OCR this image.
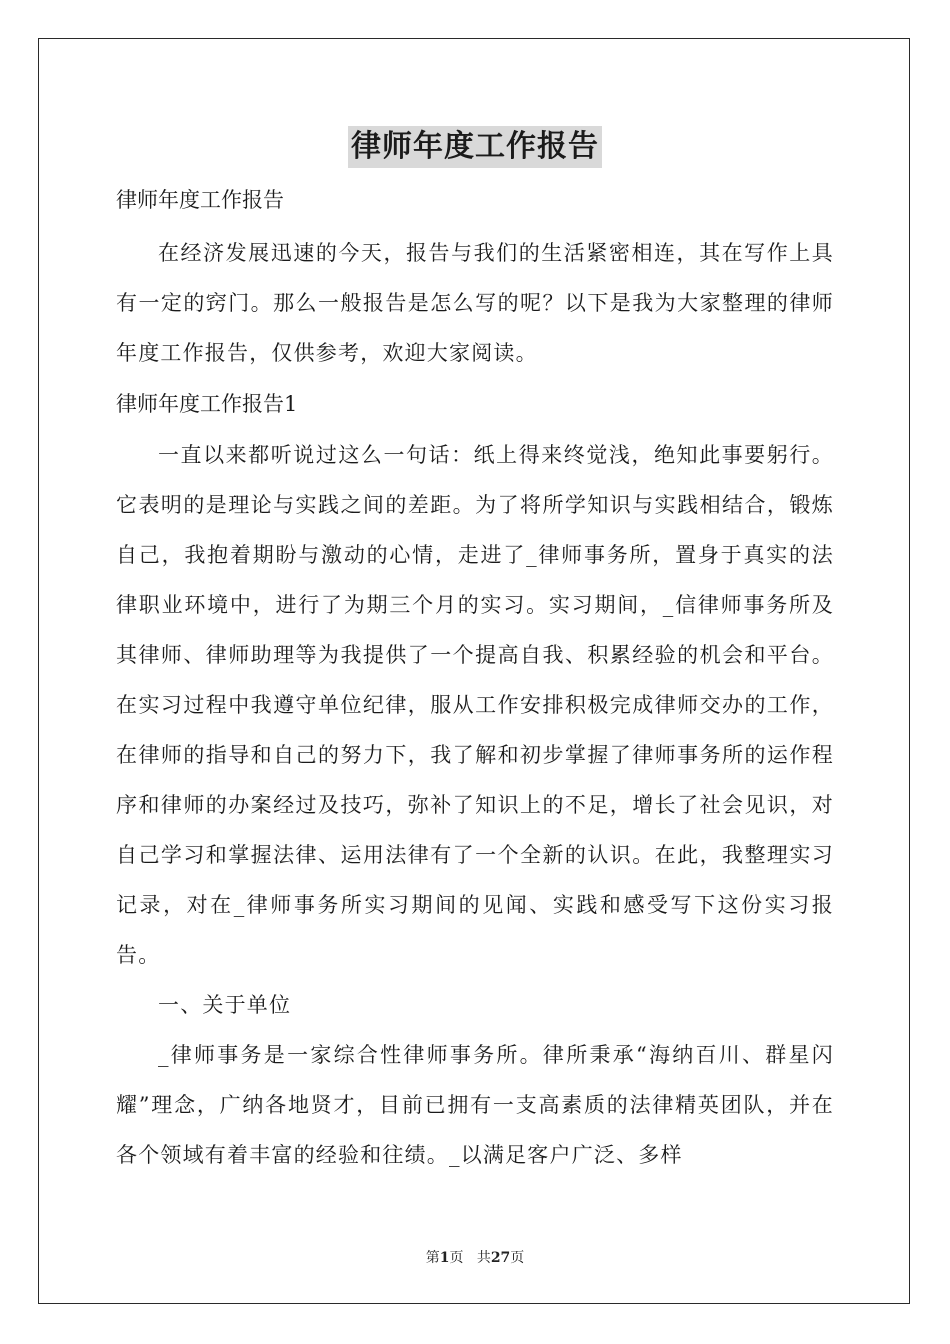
律师年度工作报告

律师年度工作报告

在经济发展迅速的今天，报告与我们的生活紧密相连，其在写作上具有一定的窍门。那么一般报告是怎么写的呢？以下是我为大家整理的律师年度工作报告，仅供参考，欢迎大家阅读。

律师年度工作报告1

一直以来都听说过这么一句话：纸上得来终觉浅，绝知此事要躬行。它表明的是理论与实践之间的差距。为了将所学知识与实践相结合，锻炼自己，我抱着期盼与激动的心情，走进了_律师事务所，置身于真实的法律职业环境中，进行了为期三个月的实习。实习期间，_信律师事务所及其律师、律师助理等为我提供了一个提高自我、积累经验的机会和平台。在实习过程中我遵守单位纪律，服从工作安排积极完成律师交办的工作，在律师的指导和自己的努力下，我了解和初步掌握了律师事务所的运作程序和律师的办案经过及技巧，弥补了知识上的不足，增长了社会见识，对自己学习和掌握法律、运用法律有了一个全新的认识。在此，我整理实习记录，对在_律师事务所实习期间的见闻、实践和感受写下这份实习报告。

一、关于单位

_律师事务是一家综合性律师事务所。律所秉承“海纳百川、群星闪耀”理念，广纳各地贤才，目前已拥有一支高素质的法律精英团队，并在各个领域有着丰富的经验和往绩。_以满足客户广泛、多样

第1页 共27页
